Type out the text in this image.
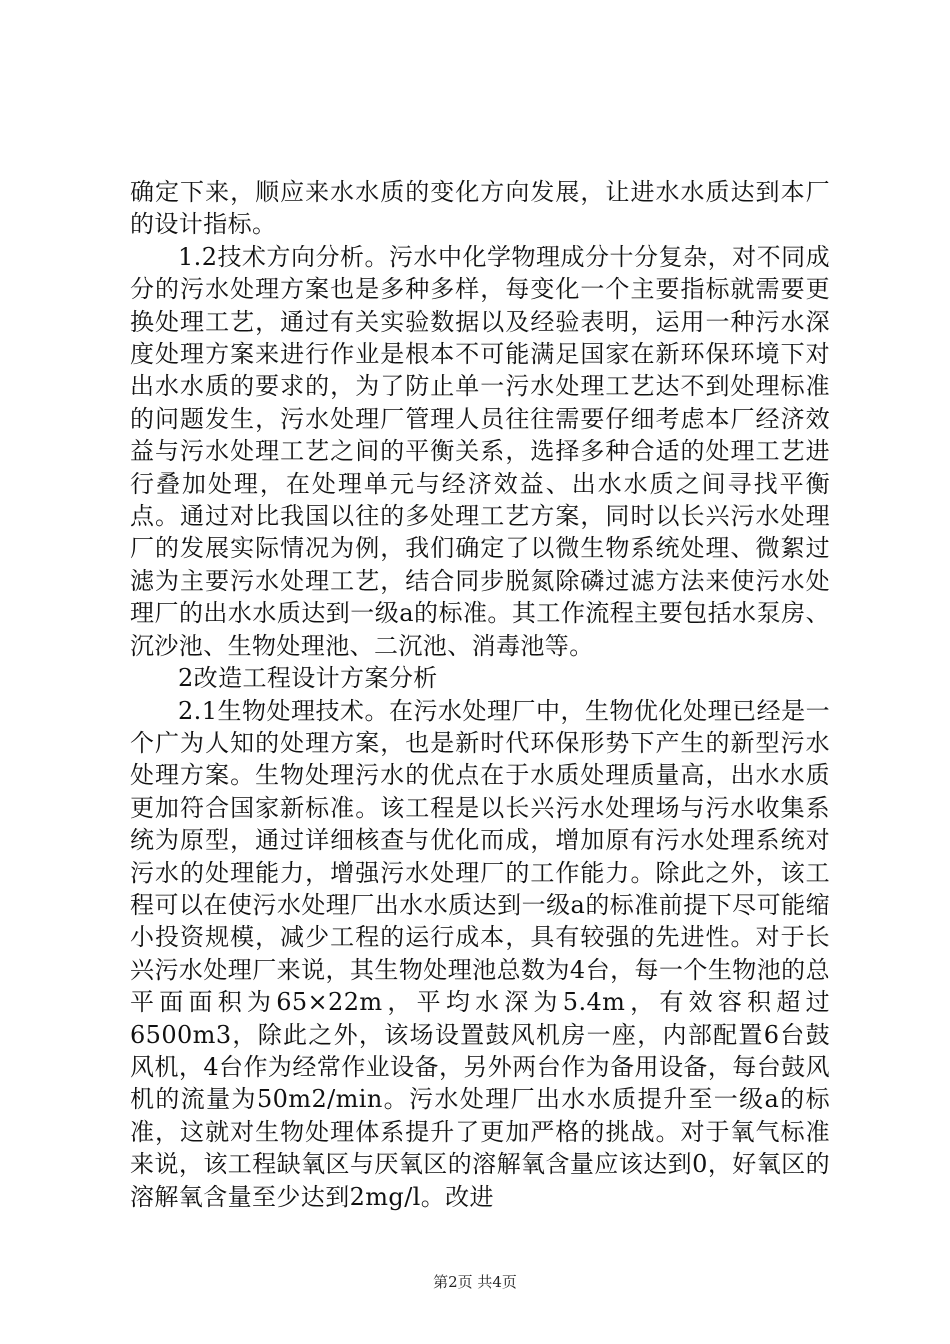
确定下来，顺应来水水质的变化方向发展，让进水水质达到本厂的设计指标。

1.2技术方向分析。污水中化学物理成分十分复杂，对不同成分的污水处理方案也是多种多样，每变化一个主要指标就需要更换处理工艺，通过有关实验数据以及经验表明，运用一种污水深度处理方案来进行作业是根本不可能满足国家在新环保环境下对出水水质的要求的，为了防止单一污水处理工艺达不到处理标准的问题发生，污水处理厂管理人员往往需要仔细考虑本厂经济效益与污水处理工艺之间的平衡关系，选择多种合适的处理工艺进行叠加处理，在处理单元与经济效益、出水水质之间寻找平衡点。通过对比我国以往的多处理工艺方案，同时以长兴污水处理厂的发展实际情况为例，我们确定了以微生物系统处理、微絮过滤为主要污水处理工艺，结合同步脱氮除磷过滤方法来使污水处理厂的出水水质达到一级a的标准。其工作流程主要包括水泵房、沉沙池、生物处理池、二沉池、消毒池等。

2改造工程设计方案分析

2.1生物处理技术。在污水处理厂中，生物优化处理已经是一个广为人知的处理方案，也是新时代环保形势下产生的新型污水处理方案。生物处理污水的优点在于水质处理质量高，出水水质更加符合国家新标准。该工程是以长兴污水处理场与污水收集系统为原型，通过详细核查与优化而成，增加原有污水处理系统对污水的处理能力，增强污水处理厂的工作能力。除此之外，该工程可以在使污水处理厂出水水质达到一级a的标准前提下尽可能缩小投资规模，减少工程的运行成本，具有较强的先进性。对于长兴污水处理厂来说，其生物处理池总数为4台，每一个生物池的总平面面积为65×22m，平均水深为5.4m，有效容积超过6500m3，除此之外，该场设置鼓风机房一座，内部配置6台鼓风机，4台作为经常作业设备，另外两台作为备用设备，每台鼓风机的流量为50m2/min。污水处理厂出水水质提升至一级a的标准，这就对生物处理体系提升了更加严格的挑战。对于氧气标准来说，该工程缺氧区与厌氧区的溶解氧含量应该达到0，好氧区的溶解氧含量至少达到2mg/l。改进

第2页 共4页
